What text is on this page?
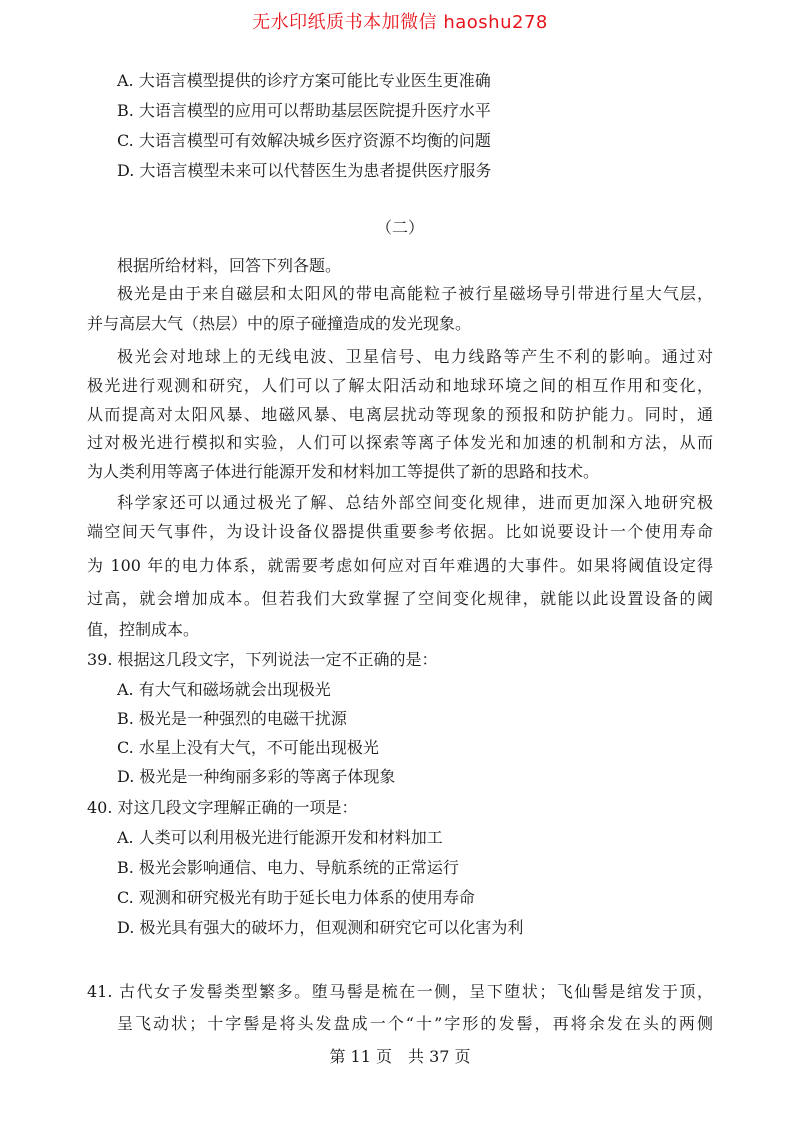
无水印纸质书本加微信 haoshu278
A. 大语言模型提供的诊疗方案可能比专业医生更准确
B. 大语言模型的应用可以帮助基层医院提升医疗水平
C. 大语言模型可有效解决城乡医疗资源不均衡的问题
D. 大语言模型未来可以代替医生为患者提供医疗服务
（二）
根据所给材料，回答下列各题。
极光是由于来自磁层和太阳风的带电高能粒子被行星磁场导引带进行星大气层，
并与高层大气（热层）中的原子碰撞造成的发光现象。
极光会对地球上的无线电波、卫星信号、电力线路等产生不利的影响。通过对
极光进行观测和研究，人们可以了解太阳活动和地球环境之间的相互作用和变化，
从而提高对太阳风暴、地磁风暴、电离层扰动等现象的预报和防护能力。同时，通
过对极光进行模拟和实验，人们可以探索等离子体发光和加速的机制和方法，从而
为人类利用等离子体进行能源开发和材料加工等提供了新的思路和技术。
科学家还可以通过极光了解、总结外部空间变化规律，进而更加深入地研究极
端空间天气事件，为设计设备仪器提供重要参考依据。比如说要设计一个使用寿命
为 100 年的电力体系，就需要考虑如何应对百年难遇的大事件。如果将阈值设定得
过高，就会增加成本。但若我们大致掌握了空间变化规律，就能以此设置设备的阈
值，控制成本。
39. 根据这几段文字，下列说法一定不正确的是：
A. 有大气和磁场就会出现极光
B. 极光是一种强烈的电磁干扰源
C. 水星上没有大气，不可能出现极光
D. 极光是一种绚丽多彩的等离子体现象
40. 对这几段文字理解正确的一项是：
A. 人类可以利用极光进行能源开发和材料加工
B. 极光会影响通信、电力、导航系统的正常运行
C. 观测和研究极光有助于延长电力体系的使用寿命
D. 极光具有强大的破坏力，但观测和研究它可以化害为利
41. 古代女子发髻类型繁多。堕马髻是梳在一侧，呈下堕状；飞仙髻是绾发于顶，
呈飞动状；十字髻是将头发盘成一个“十”字形的发髻，再将余发在头的两侧
第 11 页　共 37 页
